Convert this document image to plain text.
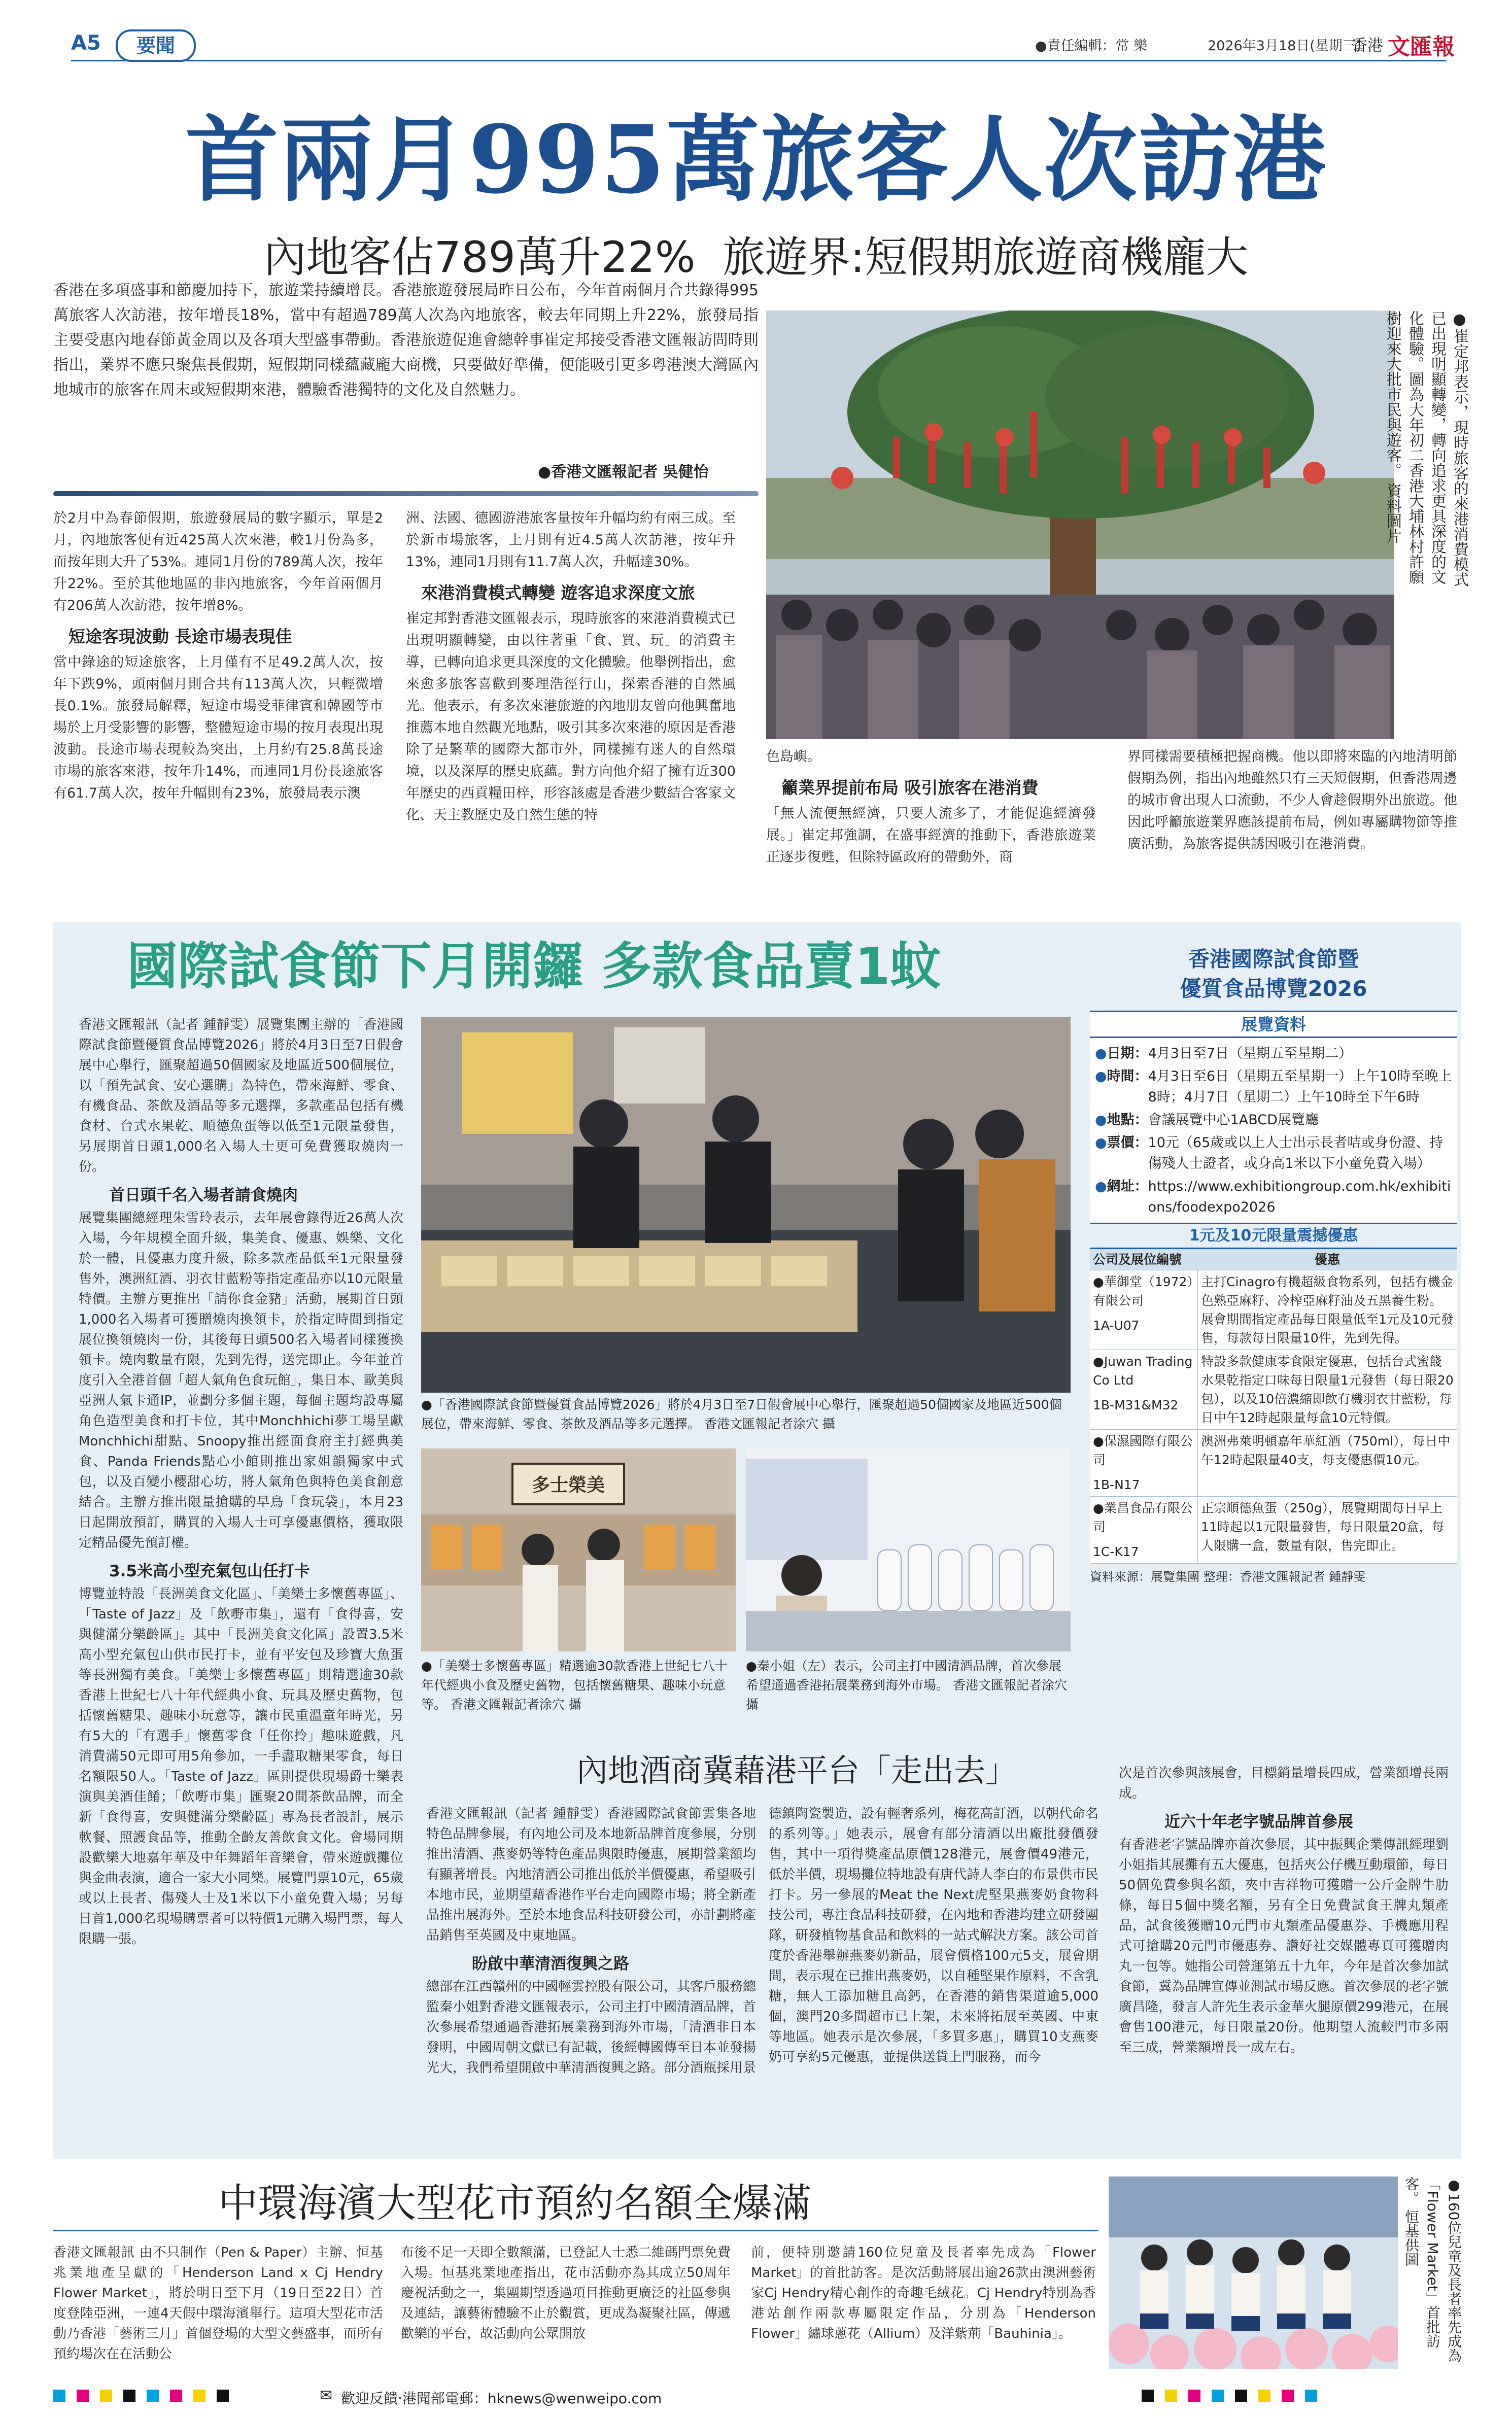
A5	要聞	●責任編輯：常 樂	2026年3月18日(星期三)
香港 文匯報
首兩月995萬旅客人次訪港
內地客佔789萬升22%  旅遊界:短假期旅遊商機龐大
香港在多項盛事和節慶加持下，旅遊業持續增長。香港旅遊發展局昨日公布，今年首兩個月合共錄得995萬旅客人次訪港，按年增長18%，當中有超過789萬人次為內地旅客，較去年同期上升22%，旅發局指主要受惠內地春節黃金周以及各項大型盛事帶動。香港旅遊促進會總幹事崔定邦接受香港文匯報訪問時則指出，業界不應只聚焦長假期，短假期同樣蘊藏龐大商機，只要做好準備，便能吸引更多粵港澳大灣區內地城市的旅客在周末或短假期來港，體驗香港獨特的文化及自然魅力。
●香港文匯報記者 吳健怡	●崔定邦表示，現時旅客的來港消費模式已出現明顯轉變，轉向追求更具深度的文化體驗。圖為大年初二香港大埔林村許願樹迎來大批市民與遊客。 資料圖片
於2月中為春節假期，旅遊發展局的數字顯示，單是2月，內地旅客便有近425萬人次來港，較1月份為多，而按年則大升了53%。連同1月份的789萬人次，按年升22%。至於其他地區的非內地旅客，今年首兩個月有206萬人次訪港，按年增8%。
短途客現波動 長途市場表現佳
當中錄途的短途旅客，上月僅有不足49.2萬人次，按年下跌9%，頭兩個月則合共有113萬人次，只輕微增長0.1%。旅發局解釋，短途市場受菲律賓和韓國等市場於上月受影響的影響，整體短途市場的按月表現出現波動。長途市場表現較為突出，上月約有25.8萬長途市場的旅客來港，按年升14%，而連同1月份長途旅客有61.7萬人次，按年升幅則有23%，旅發局表示澳
洲、法國、德國游港旅客量按年升幅均約有兩三成。至於新市場旅客，上月則有近4.5萬人次訪港，按年升13%，連同1月則有11.7萬人次，升幅達30%。
來港消費模式轉變 遊客追求深度文旅
崔定邦對香港文匯報表示，現時旅客的來港消費模式已出現明顯轉變，由以往著重「食、買、玩」的消費主導，已轉向追求更具深度的文化體驗。他舉例指出，愈來愈多旅客喜歡到麥理浩徑行山，探索香港的自然風光。他表示，有多次來港旅遊的內地朋友曾向他興奮地推薦本地自然觀光地點，吸引其多次來港的原因是香港除了是繁華的國際大都市外，同樣擁有迷人的自然環境，以及深厚的歷史底蘊。對方向他介紹了擁有近300年歷史的西貢糧田梓，形容該處是香港少數結合客家文化、天主教歷史及自然生態的特
色島嶼。
籲業界提前布局 吸引旅客在港消費
「無人流便無經濟，只要人流多了，才能促進經濟發展。」崔定邦強調，在盛事經濟的推動下，香港旅遊業正逐步復甦，但除特區政府的帶動外，商
界同樣需要積極把握商機。他以即將來臨的內地清明節假期為例，指出內地雖然只有三天短假期，但香港周邊的城市會出現人口流動，不少人會趁假期外出旅遊。他因此呼籲旅遊業界應該提前布局，例如專屬購物節等推廣活動，為旅客提供誘因吸引在港消費。
國際試食節下月開鑼 多款食品賣1蚊	香港國際試食節暨
優質食品博覽2026
展覽資料
● 日期： 4月3日至7日（星期五至星期二）
● 時間： 4月3日至6日（星期五至星期一）上午10時至晚上8時；4月7日（星期二）上午10時至下午6時
● 地點： 會議展覽中心1ABCD展覽廳
● 票價： 10元（65歲或以上人士出示長者咭或身份證、持傷殘人士證者，或身高1米以下小童免費入場）
● 網址： https://www.exhibitiongroup.com.hk/exhibitions/foodexpo2026
1元及10元限量震撼優惠
公司及展位編號	優惠
●華御堂（1972）有限公司
1A-U07
主打Cinagro有機超級食物系列，包括有機金色熟亞麻籽、冷榨亞麻籽油及五黑養生粉。展會期間指定產品每日限量低至1元及10元發售，每款每日限量10件，先到先得。
●Juwan Trading Co Ltd
1B-M31&M32
特設多款健康零食限定優惠，包括台式蜜餞水果乾指定口味每日限量1元發售（每日限20包），以及10倍濃縮即飲有機羽衣甘藍粉，每日中午12時起限量每盒10元特價。
●保濕國際有限公司
1B-N17
澳洲弗萊明頓嘉年華紅酒（750ml），每日中午12時起限量40支，每支優惠價10元。
●業昌食品有限公司
1C-K17
正宗順德魚蛋（250g），展覽期間每日早上11時起以1元限量發售，每日限量20盒，每人限購一盒，數量有限，售完即止。
資料來源：展覽集團 整理：香港文匯報記者 鍾靜雯
香港文匯報訊（記者 鍾靜雯）展覽集團主辦的「香港國際試食節暨優質食品博覽2026」將於4月3日至7日假會展中心舉行，匯聚超過50個國家及地區近500個展位，以「預先試食、安心選購」為特色，帶來海鮮、零食、有機食品、茶飲及酒品等多元選擇，多款產品包括有機食材、台式水果乾、順德魚蛋等以低至1元限量發售，另展期首日頭1,000名入場人士更可免費獲取燒肉一份。
首日頭千名入場者請食燒肉
展覽集團總經理朱雪玲表示，去年展會錄得近26萬人次入場，今年規模全面升級，集美食、優惠、娛樂、文化於一體，且優惠力度升級，除多款產品低至1元限量發售外，澳洲紅酒、羽衣甘藍粉等指定產品亦以10元限量特價。主辦方更推出「請你食金豬」活動，展期首日頭1,000名入場者可獲贈燒肉換領卡，於指定時間到指定展位換領燒肉一份，其後每日頭500名入場者同樣獲換領卡。燒肉數量有限，先到先得，送完即止。今年並首度引入全港首個「超人氣角色食玩館」，集日本、歐美與亞洲人氣卡通IP，並劃分多個主題，每個主題均設專屬角色造型美食和打卡位，其中Monchhichi夢工場呈獻Monchhichi甜點、Snoopy推出經面食府主打經典美食、Panda Friends點心小館則推出家姐韻獨家中式包，以及百變小櫻甜心坊，將人氣角色與特色美食創意結合。主辦方推出限量搶購的早鳥「食玩袋」，本月23日起開放預訂，購買的入場人士可享優惠價格，獲取限定精品優先預訂權。
3.5米高小型充氣包山任打卡
博覽並特設「長洲美食文化區」、「美樂士多懷舊專區」、「Taste of Jazz」及「飲嘢市集」，還有「食得喜，安與健滿分樂齡區」。其中「長洲美食文化區」設置3.5米高小型充氣包山供市民打卡，並有平安包及珍寶大魚蛋等長洲獨有美食。「美樂士多懷舊專區」則精選逾30款香港上世紀七八十年代經典小食、玩具及歷史舊物，包括懷舊糖果、趣味小玩意等，讓市民重溫童年時光，另有5大的「有選手」懷舊零食「任你拎」趣味遊戲，凡消費滿50元即可用5角參加，一手盡取糖果零食，每日名額限50人。「Taste of Jazz」區則提供現場爵士樂表演與美酒佳餚；「飲嘢市集」匯聚20間茶飲品牌，而全新「食得喜，安與健滿分樂齡區」專為長者設計，展示軟餐、照護食品等，推動全齡友善飲食文化。會場同期設歡樂大地嘉年華及中年舞蹈年音樂會，帶來遊戲攤位與金曲表演，適合一家大小同樂。展覽門票10元，65歲或以上長者、傷殘人士及1米以下小童免費入場；另每日首1,000名現場購票者可以特價1元購入場門票，每人限購一張。
●「香港國際試食節暨優質食品博覽2026」將於4月3日至7日假會展中心舉行，匯聚超過50個國家及地區近500個展位，帶來海鮮、零食、茶飲及酒品等多元選擇。 香港文匯報記者涂穴 攝
多士榮美
●「美樂士多懷舊專區」精選逾30款香港上世紀七八十年代經典小食及歷史舊物，包括懷舊糖果、趣味小玩意等。 香港文匯報記者涂穴 攝
●秦小姐（左）表示，公司主打中國清酒品牌，首次參展希望通過香港拓展業務到海外市場。 香港文匯報記者涂穴 攝
內地酒商冀藉港平台「走出去」
香港文匯報訊（記者 鍾靜雯）香港國際試食節雲集各地特色品牌參展，有內地公司及本地新品牌首度參展，分別推出清酒、燕麥奶等特色產品與限時優惠，展期營業額均有顯著增長。內地清酒公司推出低於半價優惠，希望吸引本地市民，並期望藉香港作平台走向國際市場；將全新產品推出展海外。至於本地食品科技研發公司，亦計劃將產品銷售至英國及中東地區。
盼啟中華清酒復興之路
總部在江西贛州的中國輕雲控股有限公司，其客戶服務總監秦小姐對香港文匯報表示，公司主打中國清酒品牌，首次參展希望通過香港拓展業務到海外市場，「清酒非日本發明，中國周朝文獻已有記載，後經轉國傳至日本並發揚光大，我們希望開啟中華清酒復興之路。部分酒瓶採用景
德鎮陶瓷製造，設有輕奢系列，梅花高訂酒，以朝代命名的系列等。」她表示，展會有部分清酒以出廠批發價發售，其中一項得獎產品原價128港元，展會價49港元，低於半價，現場攤位特地設有唐代詩人李白的布景供市民打卡。另一參展的Meat the Next虎堅果燕麥奶食物科技公司，專注食品科技研發，在內地和香港均建立研發團隊，研發植物基食品和飲料的一站式解決方案。該公司首度於香港舉辦燕麥奶新品，展會價格100元5支，展會期間，表示現在已推出燕麥奶，以自種堅果作原料，不含乳糖，無人工添加糖且高鈣，在香港的銷售渠道逾5,000個，澳門20多間超市已上架，未來將拓展至英國、中東等地區。她表示是次參展，「多買多惠」，購買10支燕麥奶可享約5元優惠，並提供送貨上門服務，而今
次是首次參與該展會，目標銷量增長四成，營業額增長兩成。
近六十年老字號品牌首參展
有香港老字號品牌亦首次參展，其中振興企業傳訊經理劉小姐指其展攤有五大優惠，包括夾公仔機互動環節，每日50個免費參與名額，夾中吉祥物可獲贈一公斤金牌牛肋條，每日5個中獎名額，另有全日免費試食王牌丸類產品，試食後獲贈10元門市丸類產品優惠券、手機應用程式可搶購20元門市優惠券、讚好社交媒體專頁可獲贈肉丸一包等。她指公司營運第五十九年，今年是首次參加試食節，冀為品牌宣傳並測試市場反應。首次參展的老字號廣昌隆，發言人許先生表示金華火腿原價299港元，在展會售100港元，每日限量20份。他期望人流較門市多兩至三成，營業額增長一成左右。
中環海濱大型花市預約名額全爆滿
香港文匯報訊 由不只制作（Pen & Paper）主辦、恒基兆業地產呈獻的「Henderson Land x Cj Hendry Flower Market」，將於明日至下月（19日至22日）首度登陸亞洲，一連4天假中環海濱舉行。這項大型花市活動乃香港「藝術三月」首個登場的大型文藝盛事，而所有預約場次在在活動公
布後不足一天即全數額滿，已登記人士悉二維碼門票免費入場。恒基兆業地產指出，花市活動亦為其成立50周年慶祝活動之一，集團期望透過項目推動更廣泛的社區參與及連結，讓藝術體驗不止於觀賞，更成為凝聚社區，傳遞歡樂的平台，故活動向公眾開放
前，便特別邀請160位兒童及長者率先成為「Flower Market」的首批訪客。是次活動將展出逾26款由澳洲藝術家Cj Hendry精心創作的奇趣毛絨花。Cj Hendry特別為香港站創作兩款專屬限定作品，分別為「Henderson Flower」繡球蔥花（Allium）及洋紫荊「Bauhinia」。	●160位兒童及長者率先成為「Flower Market」首批訪客。 恒基供圖
✉ 歡迎反饋‧港聞部電郵：hknews@wenweipo.com
